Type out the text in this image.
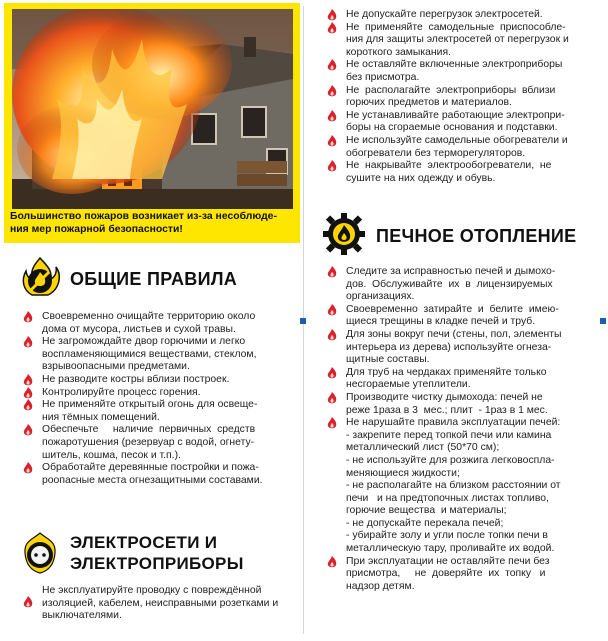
Большинство пожаров возникает из-за несоблюде-
ния мер пожарной безопасности!
ОБЩИЕ ПРАВИЛА
Своевременно очищайте территорию около
дома от мусора, листьев и сухой травы.
Не загромождайте двор горючими и легко
воспламеняющимися веществами, стеклом,
взрывоопасными предметами.
Не разводите костры вблизи построек.
Контролируйте процесс горения.
Не применяйте открытый огонь для освеще-
ния тёмных помещений.
Обеспечьте     наличие  первичных  средств
пожаротушения (резервуар с водой, огнету-
шитель, кошма, песок и т.п.).
Обработайте деревянные постройки и пожа-
роопасные места огнезащитными составами.
ЭЛЕКТРОСЕТИ И
ЭЛЕКТРОПРИБОРЫ
Не эксплуатируйте проводку с повреждённой
изоляцией, кабелем, неисправными розетками и
выключателями.
Не допускайте перегрузок электросетей.
Не  применяйте  самодельные  приспособле-
ния для защиты электросетей от перегрузок и
короткого замыкания.
Не оставляйте включенные электроприборы
без присмотра.
Не  располагайте  электроприборы  вблизи
горючих предметов и материалов.
Не устанавливайте работающие электропри-
боры на сгораемые основания и подставки.
Не используйте самодельные обогреватели и
обогреватели без терморегуляторов.
Не  накрывайте  электрообогреватели,  не
сушите на них одежду и обувь.
ПЕЧНОЕ ОТОПЛЕНИЕ
Следите за исправностью печей и дымохо-
дов.  Обслуживайте  их  в  лицензируемых
организациях.
Своевременно  затирайте  и  белите  имею-
щиеся трещины в кладке печей и труб.
Для зоны вокруг печи (стены, пол, элементы
интерьера из дерева) используйте огнеза-
щитные составы.
Для труб на чердаках применяйте только
несгораемые утеплители.
Производите чистку дымохода: печей не
реже 1раза в 3  мес.; плит  - 1раз в 1 мес.
Не нарушайте правила эксплуатации печей:
- закрепите перед топкой печи или камина
металлический лист (50*70 см);
- не используйте для розжига легковоспла-
меняющиеся жидкости;
- не располагайте на близком расстоянии от
печи   и на предтопочных листах топливо,
горючие вещества  и материалы;
- не допускайте перекала печей;
- убирайте золу и угли после топки печи в
металлическую тару, проливайте их водой.
При эксплуатации не оставляйте печи без
присмотра,     не  доверяйте  их  топку   и
надзор детям.
